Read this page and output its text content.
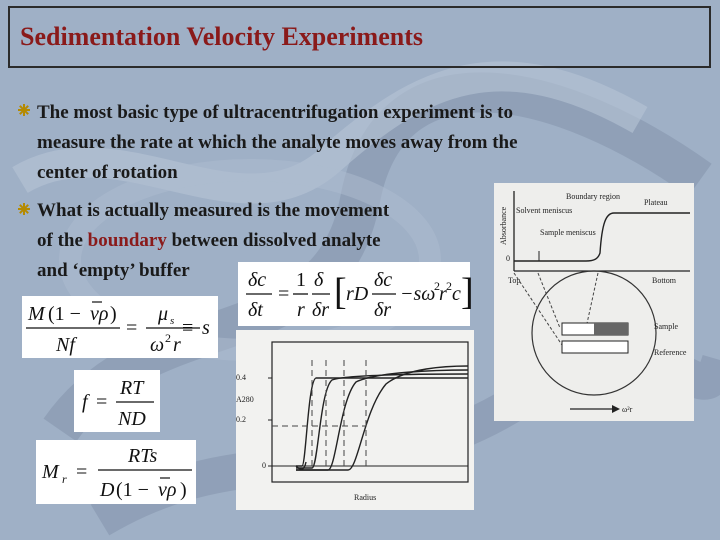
Sedimentation Velocity Experiments
The most basic type of ultracentrifugation experiment is to
measure the rate at which the analyte moves away from the
center of rotation
What is actually measured is the movement
of the boundary between dissolved analyte
and ‘empty’ buffer	δc
δt
=
1
r
δ
δr [ rD
δc
δr
−sω
2 r 2 c ]
M (1 − νρ )
Nf
=
μ s
ω 2 r
≡ s
f =
RT
ND
M r =
RTs
D (1 − νρ )
Absorbance
Boundary region
Solvent meniscus
Plateau
Sample meniscus
0
Top	Bottom
Sample
Reference
ω²r
0.4
0.2
0
A280
Radius
